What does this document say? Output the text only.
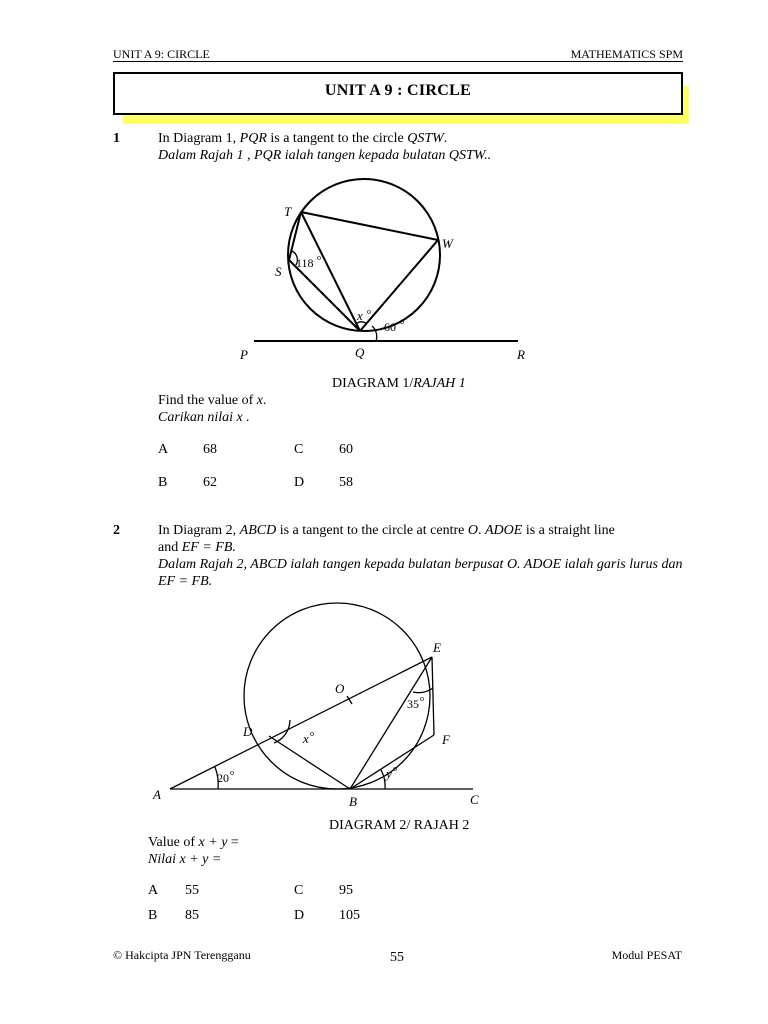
UNIT A 9: CIRCLE	MATHEMATICS SPM
UNIT A 9 : CIRCLE
1	In Diagram 1, PQR is a tangent to the circle QSTW.
Dalam Rajah 1 , PQR ialah tangen kepada bulatan QSTW..
T
W
S
P	Q	R
x
118 o
o
60 o
DIAGRAM 1/RAJAH 1
Find the value of x.
Carikan nilai x .
A 68	C	60
B	62	D 58
2	In Diagram 2, ABCD is a tangent to the circle at centre O. ADOE is a straight line
and EF = FB.
Dalam Rajah 2, ABCD ialah tangen kepada bulatan berpusat O. ADOE ialah garis lurus dan
EF = FB.
E
O
D
F
A	B	C
x
y
35 o
o
20 o	o
DIAGRAM 2/ RAJAH 2
Value of x + y =
Nilai x + y =
A 55	C	95
B 85	D 105
© Hakcipta JPN Terengganu	55	Modul PESAT
